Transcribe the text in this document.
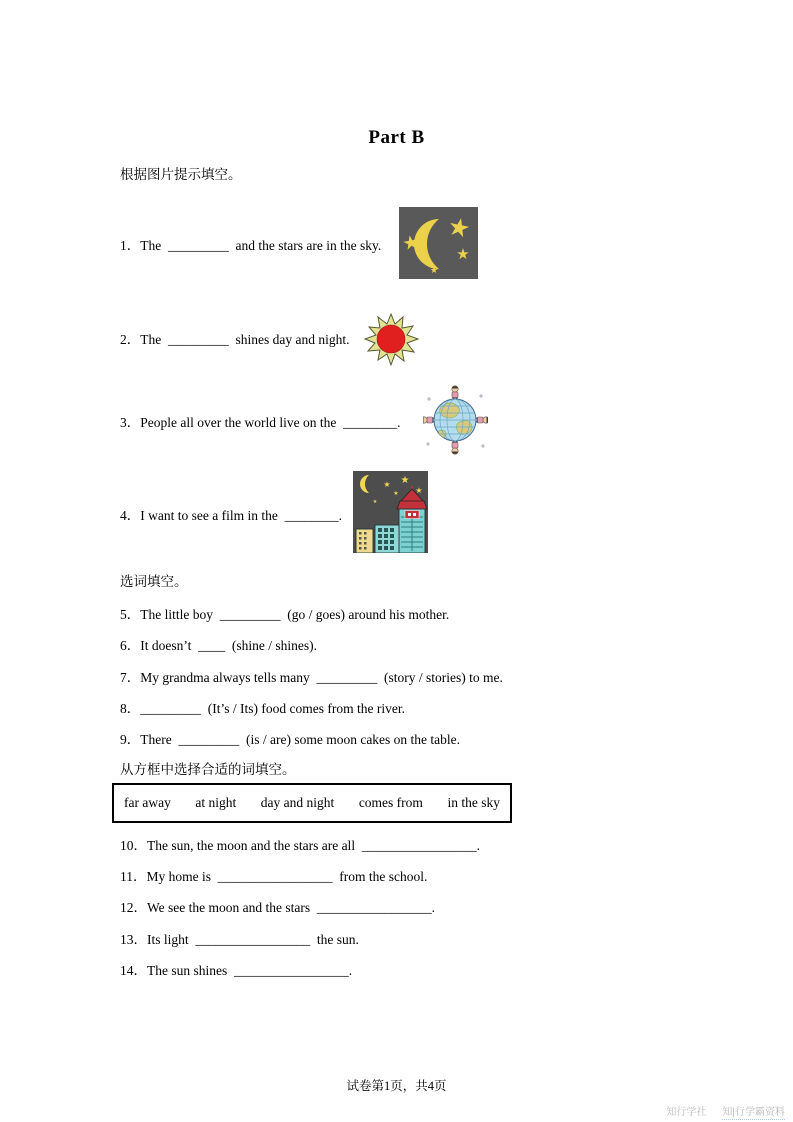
Part B
根据图片提示填空。
1．The  _________  and the stars are in the sky.
★
★ ★
★
2．The  _________  shines day and night.
3．People all over the world live on the  ________.
4．I want to see a film in the  ________.
★ ★
★
★
★
选词填空。
5．The little boy  _________  (go / goes) around his mother.
6．It doesn’t  ____  (shine / shines).
7．My grandma always tells many  _________  (story / stories) to me.
8．_________  (It’s / Its) food comes from the river.
9．There  _________  (is / are) some moon cakes on the table.
从方框中选择合适的词填空。
far away at night day and night comes from in the sky
10．The sun, the moon and the stars are all  _________________.
11．My home is  _________________  from the school.
12．We see the moon and the stars  _________________.
13．Its light  _________________  the sun.
14．The sun shines  _________________.
试卷第1页，共4页
知行学社 知|行学霸资料
